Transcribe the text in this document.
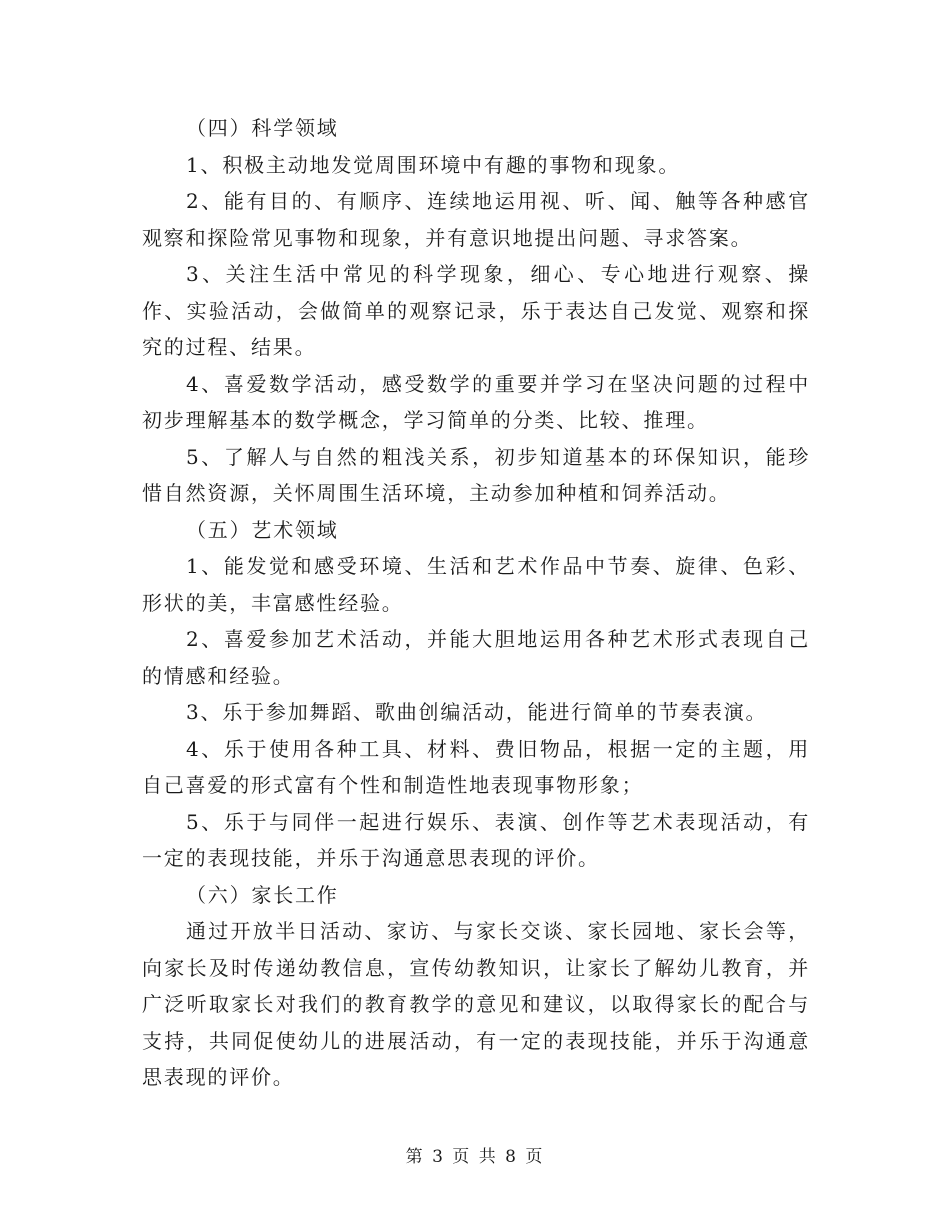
（四）科学领域

1、积极主动地发觉周围环境中有趣的事物和现象。

2、能有目的、有顺序、连续地运用视、听、闻、触等各种感官观察和探险常见事物和现象，并有意识地提出问题、寻求答案。

3、关注生活中常见的科学现象，细心、专心地进行观察、操作、实验活动，会做简单的观察记录，乐于表达自己发觉、观察和探究的过程、结果。

4、喜爱数学活动，感受数学的重要并学习在坚决问题的过程中初步理解基本的数学概念，学习简单的分类、比较、推理。

5、了解人与自然的粗浅关系，初步知道基本的环保知识，能珍惜自然资源，关怀周围生活环境，主动参加种植和饲养活动。

（五）艺术领域

1、能发觉和感受环境、生活和艺术作品中节奏、旋律、色彩、形状的美，丰富感性经验。

2、喜爱参加艺术活动，并能大胆地运用各种艺术形式表现自己的情感和经验。

3、乐于参加舞蹈、歌曲创编活动，能进行简单的节奏表演。

4、乐于使用各种工具、材料、费旧物品，根据一定的主题，用自己喜爱的形式富有个性和制造性地表现事物形象；

5、乐于与同伴一起进行娱乐、表演、创作等艺术表现活动，有一定的表现技能，并乐于沟通意思表现的评价。

（六）家长工作

通过开放半日活动、家访、与家长交谈、家长园地、家长会等，向家长及时传递幼教信息，宣传幼教知识，让家长了解幼儿教育，并广泛听取家长对我们的教育教学的意见和建议，以取得家长的配合与支持，共同促使幼儿的进展活动，有一定的表现技能，并乐于沟通意思表现的评价。

第 3 页 共 8 页
